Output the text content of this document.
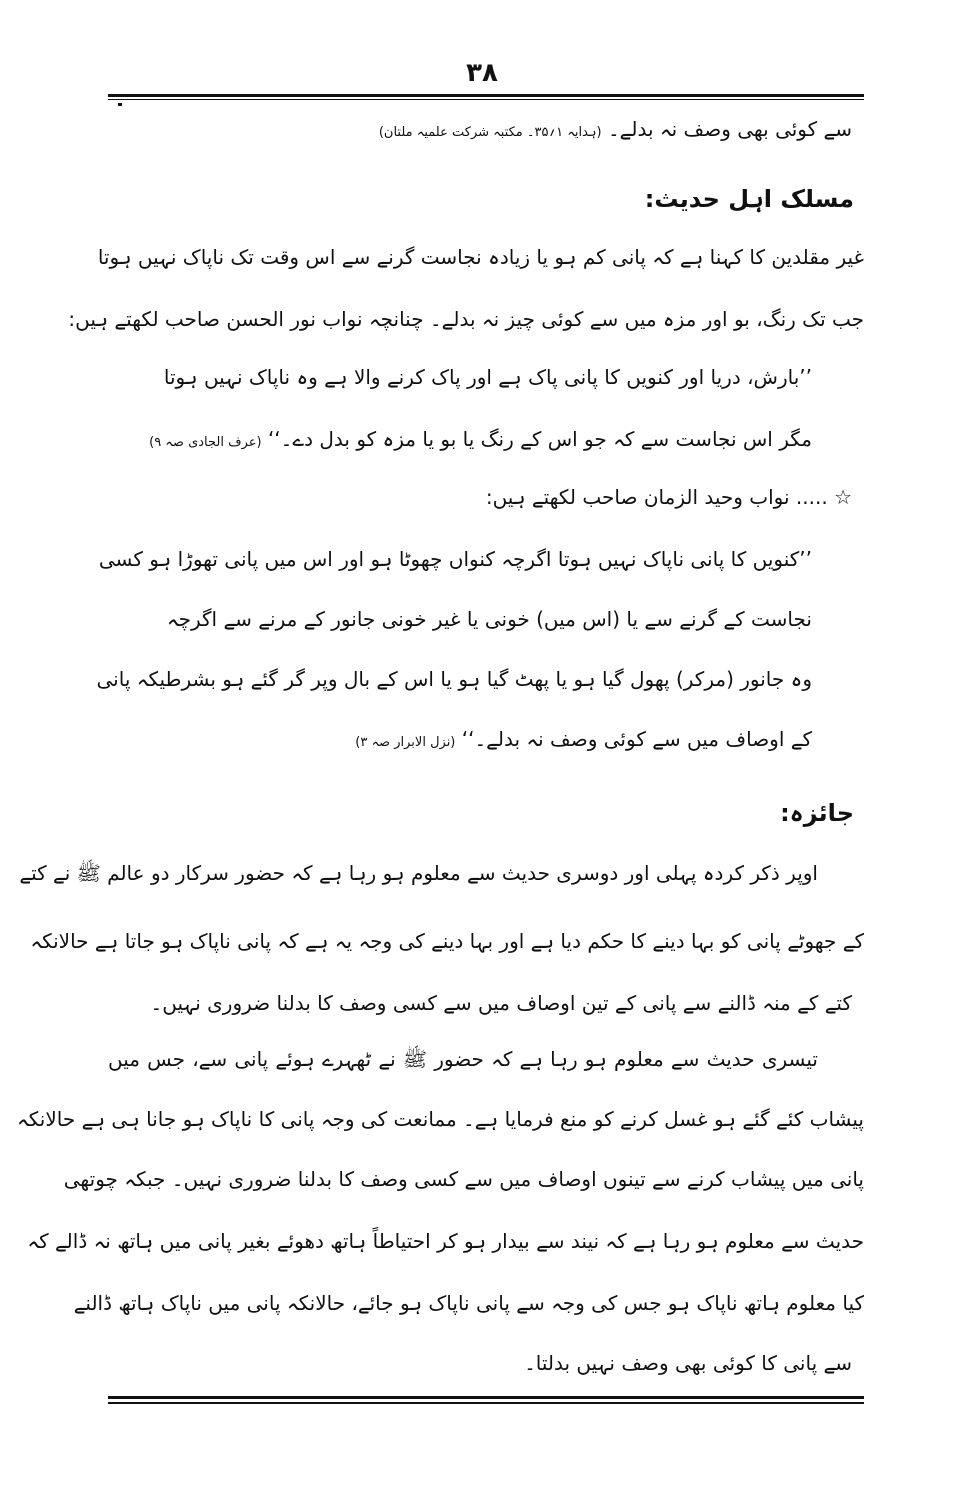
۳۸
سے کوئی بھی وصف نہ بدلے۔ (ہدایہ ۱؍۳۵۔ مکتبہ شرکت علمیہ ملتان)
مسلک اہل حدیث:
غیر مقلدین کا کہنا ہے کہ پانی کم ہو یا زیادہ نجاست گرنے سے اس وقت تک ناپاک نہیں ہوتا
جب تک رنگ، بو اور مزہ میں سے کوئی چیز نہ بدلے۔ چنانچہ نواب نور الحسن صاحب لکھتے ہیں:
’’بارش، دریا اور کنویں کا پانی پاک ہے اور پاک کرنے والا ہے وہ ناپاک نہیں ہوتا
مگر اس نجاست سے کہ جو اس کے رنگ یا بو یا مزہ کو بدل دے۔‘‘ (عرف الجادی صہ ۹)
☆ ..... نواب وحید الزمان صاحب لکھتے ہیں:
’’کنویں کا پانی ناپاک نہیں ہوتا اگرچہ کنواں چھوٹا ہو اور اس میں پانی تھوڑا ہو کسی
نجاست کے گرنے سے یا (اس میں) خونی یا غیر خونی جانور کے مرنے سے اگرچہ
وہ جانور (مرکر) پھول گیا ہو یا پھٹ گیا ہو یا اس کے بال وپر گر گئے ہو بشرطیکہ پانی
کے اوصاف میں سے کوئی وصف نہ بدلے۔‘‘ (نزل الابرار صہ ۳)
جائزہ:
اوپر ذکر کردہ پہلی اور دوسری حدیث سے معلوم ہو رہا ہے کہ حضور سرکار دو عالم ﷺ نے کتے
کے جھوٹے پانی کو بہا دینے کا حکم دیا ہے اور بہا دینے کی وجہ یہ ہے کہ پانی ناپاک ہو جاتا ہے حالانکہ
کتے کے منہ ڈالنے سے پانی کے تین اوصاف میں سے کسی وصف کا بدلنا ضروری نہیں۔
تیسری حدیث سے معلوم ہو رہا ہے کہ حضور ﷺ نے ٹھہرے ہوئے پانی سے، جس میں
پیشاب کئے گئے ہو غسل کرنے کو منع فرمایا ہے۔ ممانعت کی وجہ پانی کا ناپاک ہو جانا ہی ہے حالانکہ
پانی میں پیشاب کرنے سے تینوں اوصاف میں سے کسی وصف کا بدلنا ضروری نہیں۔ جبکہ چوتھی
حدیث سے معلوم ہو رہا ہے کہ نیند سے بیدار ہو کر احتیاطاً ہاتھ دھوئے بغیر پانی میں ہاتھ نہ ڈالے کہ
کیا معلوم ہاتھ ناپاک ہو جس کی وجہ سے پانی ناپاک ہو جائے، حالانکہ پانی میں ناپاک ہاتھ ڈالنے
سے پانی کا کوئی بھی وصف نہیں بدلتا۔
